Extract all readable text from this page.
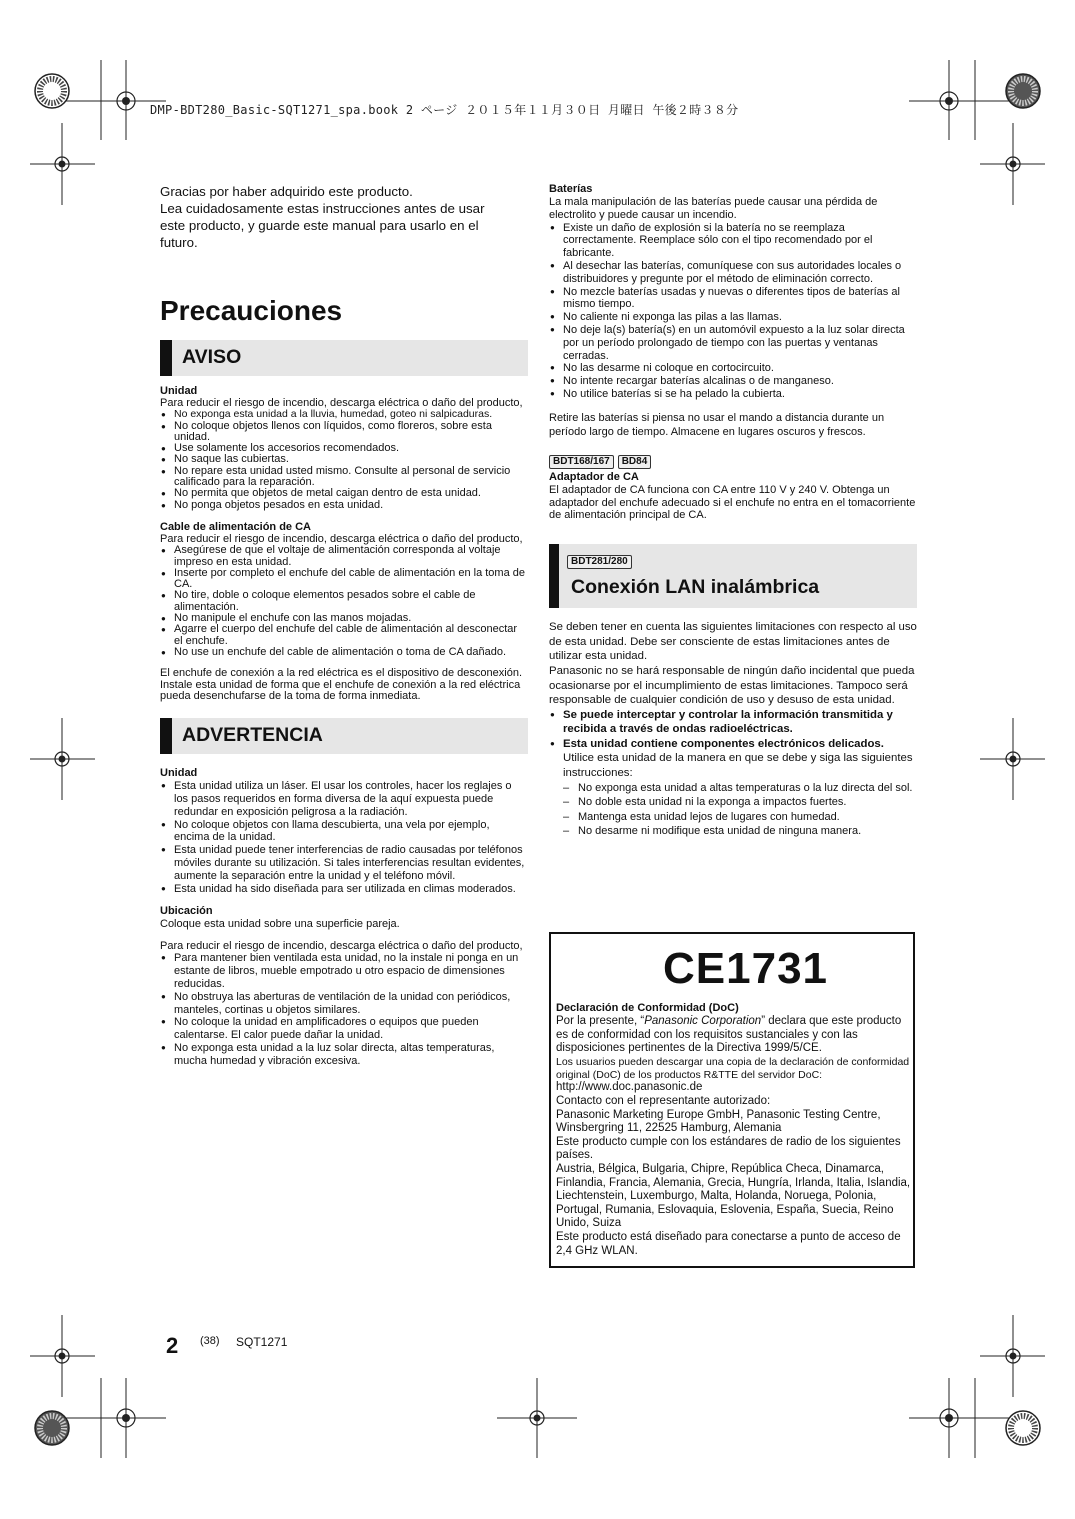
DMP-BDT280_Basic-SQT1271_spa.book 2 ページ ２０１５年１１月３０日 月曜日 午後２時３８分

Gracias por haber adquirido este producto.
Lea cuidadosamente estas instrucciones antes de usar
este producto, y guarde este manual para usarlo en el
futuro.

Precauciones
AVISO
Unidad

Para reducir el riesgo de incendio, descarga eléctrica o daño del producto,

● No exponga esta unidad a la lluvia, humedad, goteo ni salpicaduras.
● No coloque objetos llenos con líquidos, como floreros, sobre esta unidad.
● Use solamente los accesorios recomendados.
● No saque las cubiertas.
● No repare esta unidad usted mismo. Consulte al personal de servicio calificado para la reparación.
● No permita que objetos de metal caigan dentro de esta unidad.
● No ponga objetos pesados en esta unidad.
Cable de alimentación de CA

Para reducir el riesgo de incendio, descarga eléctrica o daño del producto,

● Asegúrese de que el voltaje de alimentación corresponda al voltaje impreso en esta unidad.
● Inserte por completo el enchufe del cable de alimentación en la toma de CA.
● No tire, doble o coloque elementos pesados sobre el cable de alimentación.
● No manipule el enchufe con las manos mojadas.
● Agarre el cuerpo del enchufe del cable de alimentación al desconectar el enchufe.
● No use un enchufe del cable de alimentación o toma de CA dañado.

El enchufe de conexión a la red eléctrica es el dispositivo de desconexión.

Instale esta unidad de forma que el enchufe de conexión a la red eléctrica pueda desenchufarse de la toma de forma inmediata.

ADVERTENCIA
Unidad
● Esta unidad utiliza un láser. El usar los controles, hacer los reglajes o los pasos requeridos en forma diversa de la aquí expuesta puede redundar en exposición peligrosa a la radiación.
● No coloque objetos con llama descubierta, una vela por ejemplo, encima de la unidad.
● Esta unidad puede tener interferencias de radio causadas por teléfonos móviles durante su utilización. Si tales interferencias resultan evidentes, aumente la separación entre la unidad y el teléfono móvil.
● Esta unidad ha sido diseñada para ser utilizada en climas moderados.
Ubicación

Coloque esta unidad sobre una superficie pareja.

Para reducir el riesgo de incendio, descarga eléctrica o daño del producto,

● Para mantener bien ventilada esta unidad, no la instale ni ponga en un estante de libros, mueble empotrado u otro espacio de dimensiones reducidas.
● No obstruya las aberturas de ventilación de la unidad con periódicos, manteles, cortinas u objetos similares.
● No coloque la unidad en amplificadores o equipos que pueden calentarse. El calor puede dañar la unidad.
● No exponga esta unidad a la luz solar directa, altas temperaturas, mucha humedad y vibración excesiva.
Baterías

La mala manipulación de las baterías puede causar una pérdida de electrolito y puede causar un incendio.

● Existe un daño de explosión si la batería no se reemplaza correctamente. Reemplace sólo con el tipo recomendado por el fabricante.
● Al desechar las baterías, comuníquese con sus autoridades locales o distribuidores y pregunte por el método de eliminación correcto.
● No mezcle baterías usadas y nuevas o diferentes tipos de baterías al mismo tiempo.
● No caliente ni exponga las pilas a las llamas.
● No deje la(s) batería(s) en un automóvil expuesto a la luz solar directa por un período prolongado de tiempo con las puertas y ventanas cerradas.
● No las desarme ni coloque en cortocircuito.
● No intente recargar baterías alcalinas o de manganeso.
● No utilice baterías si se ha pelado la cubierta.

Retire las baterías si piensa no usar el mando a distancia durante un período largo de tiempo. Almacene en lugares oscuros y frescos.

BDT168/167 BD84
Adaptador de CA

El adaptador de CA funciona con CA entre 110 V y 240 V. Obtenga un adaptador del enchufe adecuado si el enchufe no entra en el tomacorriente de alimentación principal de CA.

BDT281/280
Conexión LAN inalámbrica

Se deben tener en cuenta las siguientes limitaciones con respecto al uso de esta unidad. Debe ser consciente de estas limitaciones antes de utilizar esta unidad.

Panasonic no se hará responsable de ningún daño incidental que pueda ocasionarse por el incumplimiento de estas limitaciones. Tampoco será responsable de cualquier condición de uso y desuso de esta unidad.

● Se puede interceptar y controlar la información transmitida y recibida a través de ondas radioeléctricas.
● Esta unidad contiene componentes electrónicos delicados.

Utilice esta unidad de la manera en que se debe y siga las siguientes instrucciones:

– No exponga esta unidad a altas temperaturas o la luz directa del sol.
– No doble esta unidad ni la exponga a impactos fuertes.
– Mantenga esta unidad lejos de lugares con humedad.
– No desarme ni modifique esta unidad de ninguna manera.
CE1731
Declaración de Conformidad (DoC)

Por la presente, “Panasonic Corporation” declara que este producto es de conformidad con los requisitos sustanciales y con las disposiciones pertinentes de la Directiva 1999/5/CE.

Los usuarios pueden descargar una copia de la declaración de conformidad original (DoC) de los productos R&TTE del servidor DoC:

http://www.doc.panasonic.de

Contacto con el representante autorizado:

Panasonic Marketing Europe GmbH, Panasonic Testing Centre, Winsbergring 11, 22525 Hamburg, Alemania

Este producto cumple con los estándares de radio de los siguientes países.

Austria, Bélgica, Bulgaria, Chipre, República Checa, Dinamarca, Finlandia, Francia, Alemania, Grecia, Hungría, Irlanda, Italia, Islandia, Liechtenstein, Luxemburgo, Malta, Holanda, Noruega, Polonia, Portugal, Rumania, Eslovaquia, Eslovenia, España, Suecia, Reino Unido, Suiza

Este producto está diseñado para conectarse a punto de acceso de 2,4 GHz WLAN.

2 (38) SQT1271
